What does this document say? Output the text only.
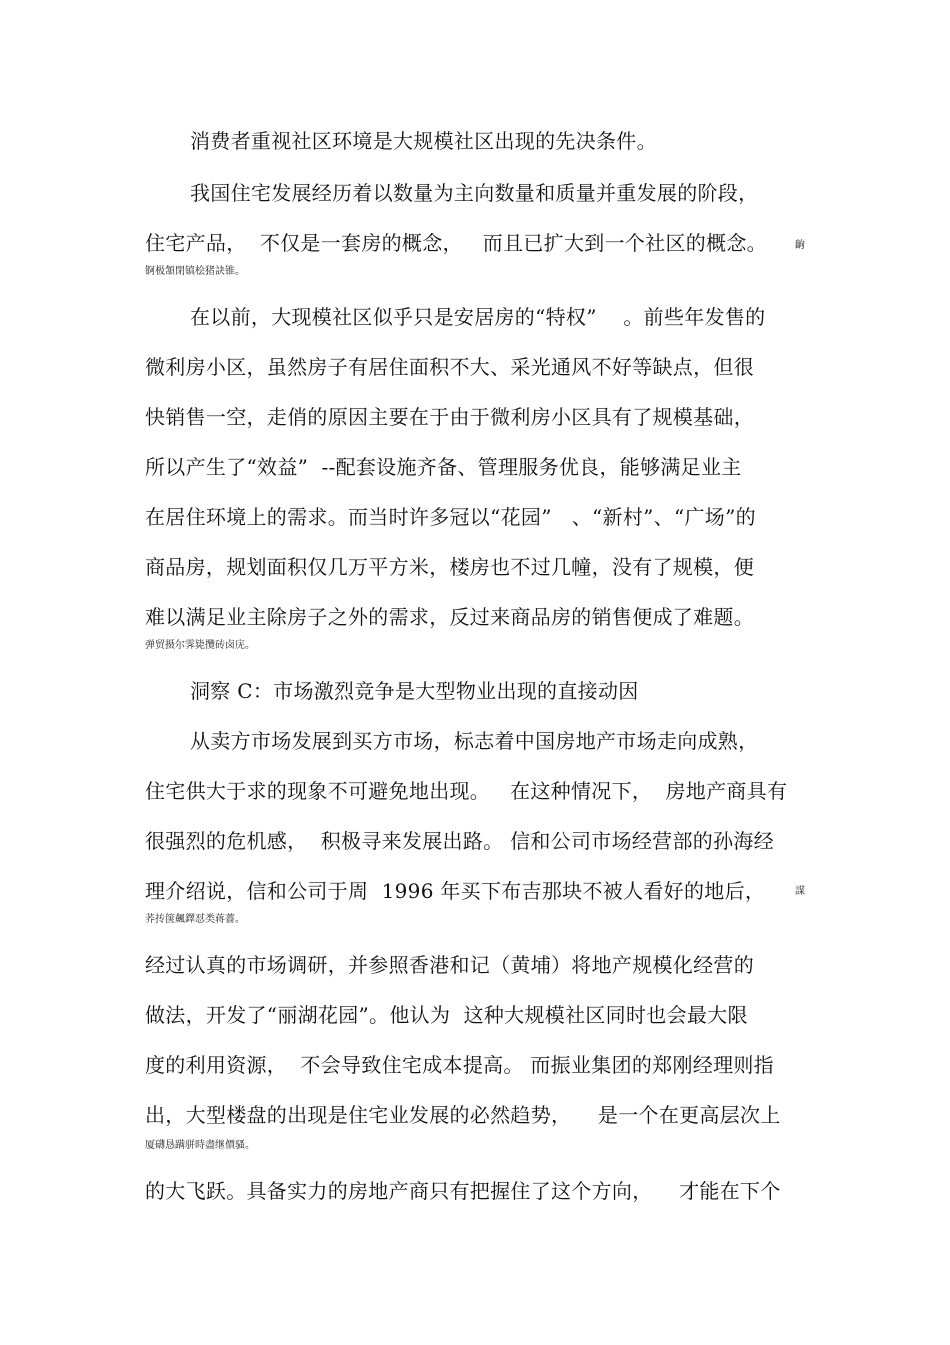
消费者重视社区环境是大规模社区出现的先决条件。
我国住宅发展经历着以数量为主向数量和质量并重发展的阶段，
住宅产品，  不仅是一套房的概念，   而且已扩大到一个社区的概念。	齣
锕极頷閉镇桧猪訣锥。
在以前，大现模社区似乎只是安居房的“特权”    。前些年发售的
微利房小区，虽然房子有居住面积不大、采光通风不好等缺点，但很
快销售一空，走俏的原因主要在于由于微利房小区具有了规模基础，
所以产生了“效益”  --配套设施齐备、管理服务优良，能够满足业主
在居住环境上的需求。而当时许多冠以“花园”   、“新村”、“广场”的
商品房，规划面积仅几万平方米，楼房也不过几幢，没有了规模，便
难以满足业主除房子之外的需求，反过来商品房的销售便成了难题。
弹贸摄尔霁毙攬砖卤庑。
洞察 C：市场激烈竞争是大型物业出现的直接动因
从卖方市场发展到买方市场，标志着中国房地产市场走向成熟，
住宅供大于求的现象不可避免地出现。   在这种情况下，  房地产商具有
很强烈的危机感，  积极寻来发展出路。 信和公司市场经营部的孙海经
理介绍说，信和公司于周  1996 年买下布吉那块不被人看好的地后，	謀
荞抟箧飆鐸怼类蒋薔。
经过认真的市场调研，并参照香港和记（黄埔）将地产规模化经营的
做法，开发了“丽湖花园”。他认为  这种大规模社区同时也会最大限
度的利用资源，  不会导致住宅成本提高。 而振业集团的郑刚经理则指
出，大型楼盘的出现是住宅业发展的必然趋势，    是一个在更高层次上
厦礴恳蹒骈時盡继價骚。
的大飞跃。具备实力的房地产商只有把握住了这个方向，    才能在下个
